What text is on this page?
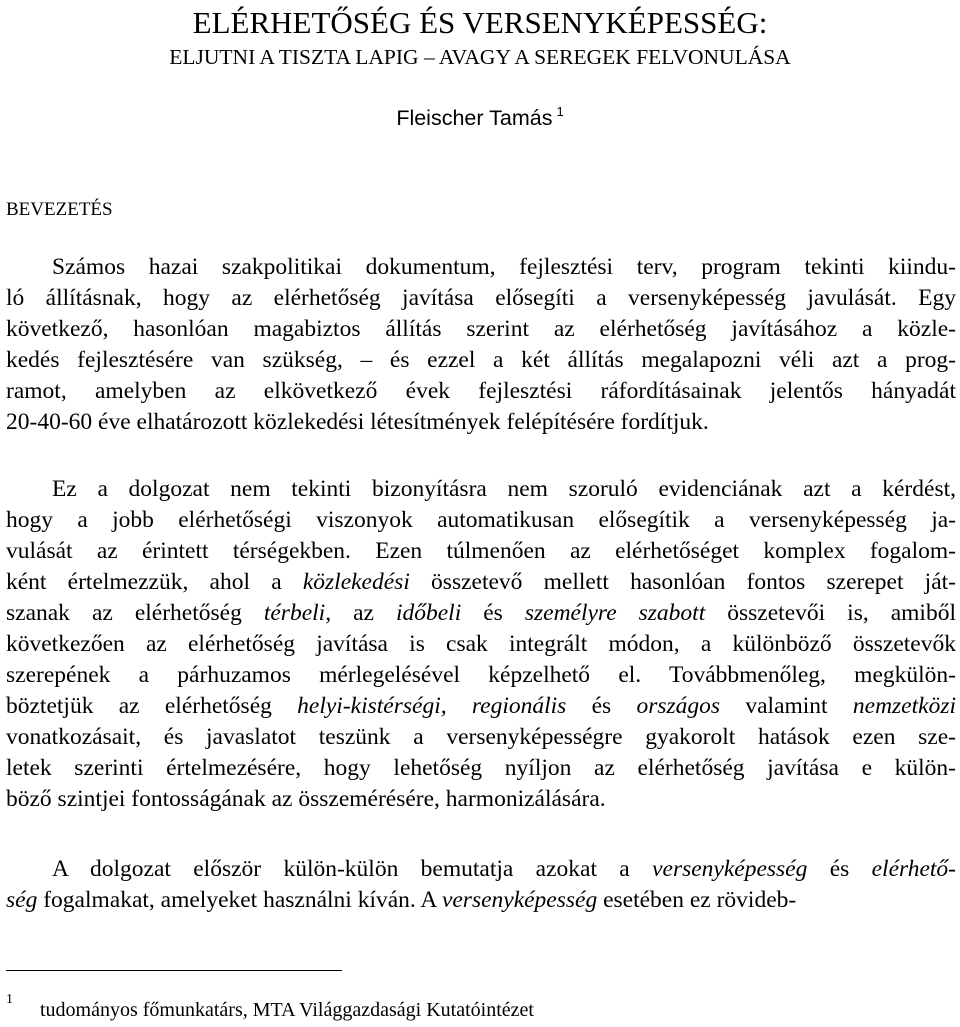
ELÉRHETŐSÉG ÉS VERSENYKÉPESSÉG:
ELJUTNI A TISZTA LAPIG – AVAGY A SEREGEK FELVONULÁSA
Fleischer Tamás $^1$
BEVEZETÉS
Számos hazai szakpolitikai dokumentum, fejlesztési terv, program tekinti kiindu-
ló állításnak, hogy az elérhetőség javítása elősegíti a versenyképesség javulását. Egy
következő, hasonlóan magabiztos állítás szerint az elérhetőség javításához a közle-
kedés fejlesztésére van szükség, – és ezzel a két állítás megalapozni véli azt a prog-
ramot, amelyben az elkövetkező évek fejlesztési ráfordításainak jelentős hányadát
20-40-60 éve elhatározott közlekedési létesítmények felépítésére fordítjuk.
Ez a dolgozat nem tekinti bizonyításra nem szoruló evidenciának azt a kérdést,
hogy a jobb elérhetőségi viszonyok automatikusan elősegítik a versenyképesség ja-
vulását az érintett térségekben. Ezen túlmenően az elérhetőséget komplex fogalom-
ként értelmezzük, ahol a közlekedési összetevő mellett hasonlóan fontos szerepet ját-
szanak az elérhetőség térbeli, az időbeli és személyre szabott összetevői is, amiből
következően az elérhetőség javítása is csak integrált módon, a különböző összetevők
szerepének a párhuzamos mérlegelésével képzelhető el. Továbbmenőleg, megkülön-
böztetjük az elérhetőség helyi-kistérségi, regionális és országos valamint nemzetközi
vonatkozásait, és javaslatot teszünk a versenyképességre gyakorolt hatások ezen sze-
letek szerinti értelmezésére, hogy lehetőség nyíljon az elérhetőség javítása e külön-
böző szintjei fontosságának az összemérésére, harmonizálására.
A dolgozat először külön-külön bemutatja azokat a versenyképesség és elérhető-
ség fogalmakat, amelyeket használni kíván. A versenyképesség esetében ez rövideb-
1 tudományos főmunkatárs, MTA Világgazdasági Kutatóintézet
